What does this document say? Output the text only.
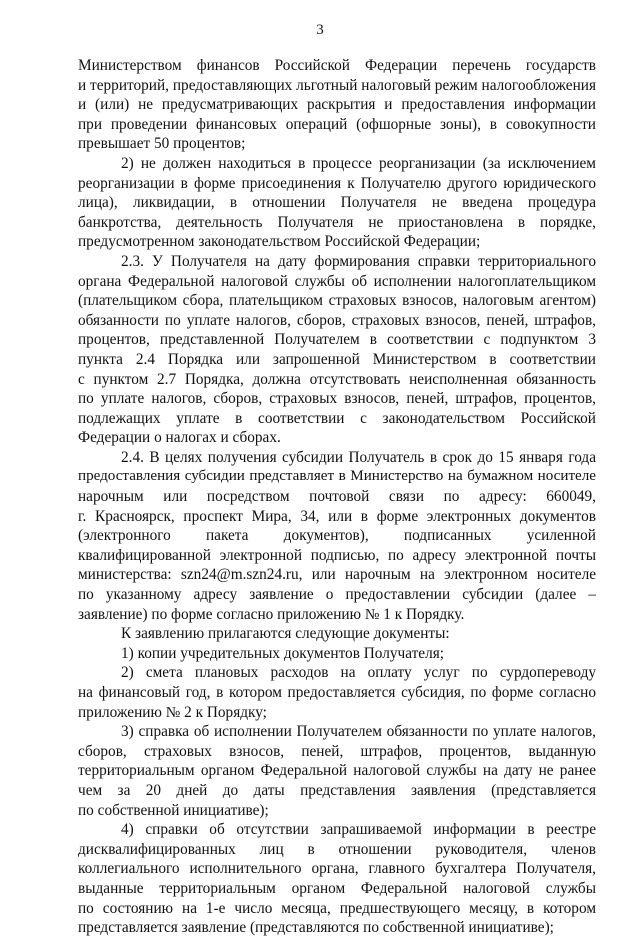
3
Министерством финансов Российской Федерации перечень государств
и территорий, предоставляющих льготный налоговый режим налогообложения
и (или) не предусматривающих раскрытия и предоставления информации
при проведении финансовых операций (офшорные зоны), в совокупности
превышает 50 процентов;
2) не должен находиться в процессе реорганизации (за исключением
реорганизации в форме присоединения к Получателю другого юридического
лица), ликвидации, в отношении Получателя не введена процедура
банкротства, деятельность Получателя не приостановлена в порядке,
предусмотренном законодательством Российской Федерации;
2.3. У Получателя на дату формирования справки территориального
органа Федеральной налоговой службы об исполнении налогоплательщиком
(плательщиком сбора, плательщиком страховых взносов, налоговым агентом)
обязанности по уплате налогов, сборов, страховых взносов, пеней, штрафов,
процентов, представленной Получателем в соответствии с подпунктом 3
пункта 2.4 Порядка или запрошенной Министерством в соответствии
с пунктом 2.7 Порядка, должна отсутствовать неисполненная обязанность
по уплате налогов, сборов, страховых взносов, пеней, штрафов, процентов,
подлежащих уплате в соответствии с законодательством Российской
Федерации о налогах и сборах.
2.4. В целях получения субсидии Получатель в срок до 15 января года
предоставления субсидии представляет в Министерство на бумажном носителе
нарочным или посредством почтовой связи по адресу: 660049,
г. Красноярск, проспект Мира, 34, или в форме электронных документов
(электронного пакета документов), подписанных усиленной
квалифицированной электронной подписью, по адресу электронной почты
министерства: szn24@m.szn24.ru, или нарочным на электронном носителе
по указанному адресу заявление о предоставлении субсидии (далее –
заявление) по форме согласно приложению № 1 к Порядку.
К заявлению прилагаются следующие документы:
1) копии учредительных документов Получателя;
2) смета плановых расходов на оплату услуг по сурдопереводу
на финансовый год, в котором предоставляется субсидия, по форме согласно
приложению № 2 к Порядку;
3) справка об исполнении Получателем обязанности по уплате налогов,
сборов, страховых взносов, пеней, штрафов, процентов, выданную
территориальным органом Федеральной налоговой службы на дату не ранее
чем за 20 дней до даты представления заявления (представляется
по собственной инициативе);
4) справки об отсутствии запрашиваемой информации в реестре
дисквалифицированных лиц в отношении руководителя, членов
коллегиального исполнительного органа, главного бухгалтера Получателя,
выданные территориальным органом Федеральной налоговой службы
по состоянию на 1-е число месяца, предшествующего месяцу, в котором
представляется заявление (представляются по собственной инициативе);
